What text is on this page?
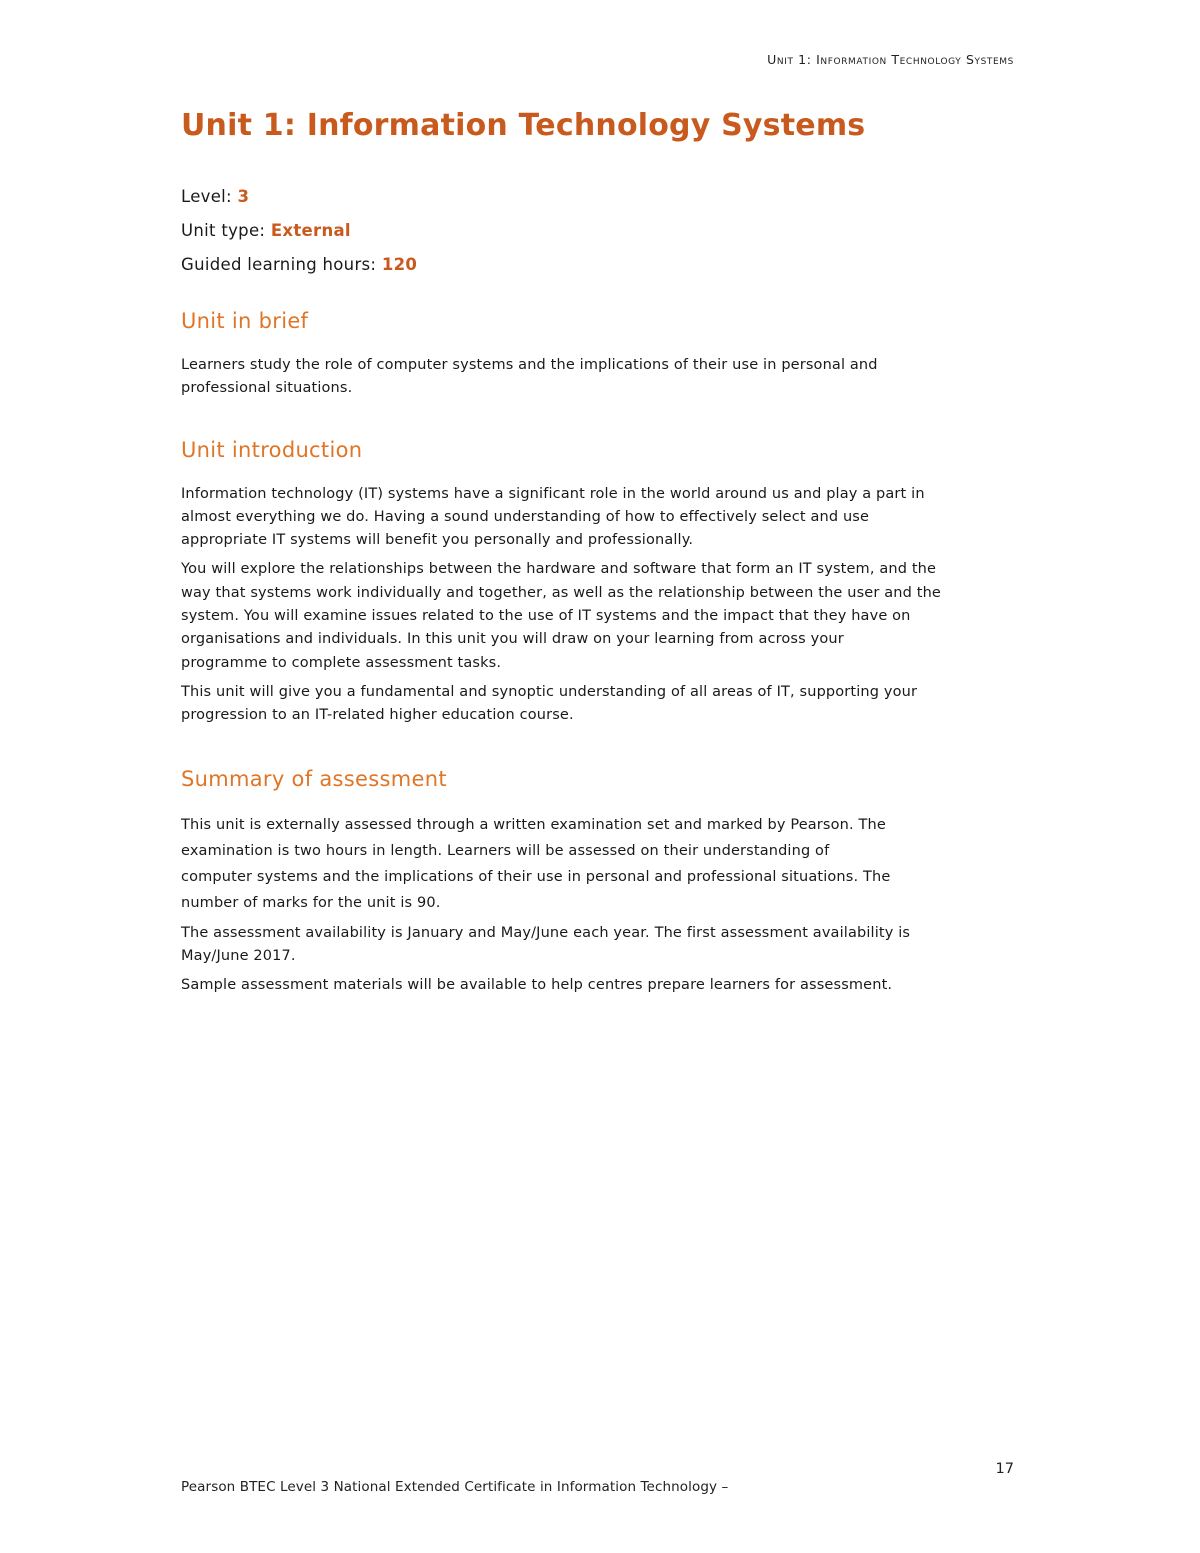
Unit 1: Information Technology Systems
Unit 1: Information Technology Systems
Level: 3
Unit type: External
Guided learning hours: 120
Unit in brief

Learners study the role of computer systems and the implications of their use in personal and
professional situations.

Unit introduction

Information technology (IT) systems have a significant role in the world around us and play a part in
almost everything we do. Having a sound understanding of how to effectively select and use
appropriate IT systems will benefit you personally and professionally.

You will explore the relationships between the hardware and software that form an IT system, and the
way that systems work individually and together, as well as the relationship between the user and the
system. You will examine issues related to the use of IT systems and the impact that they have on
organisations and individuals. In this unit you will draw on your learning from across your
programme to complete assessment tasks.

This unit will give you a fundamental and synoptic understanding of all areas of IT, supporting your
progression to an IT-related higher education course.

Summary of assessment

This unit is externally assessed through a written examination set and marked by Pearson. The
examination is two hours in length. Learners will be assessed on their understanding of
computer systems and the implications of their use in personal and professional situations. The
number of marks for the unit is 90.

The assessment availability is January and May/June each year. The first assessment availability is
May/June 2017.

Sample assessment materials will be available to help centres prepare learners for assessment.

17
Pearson BTEC Level 3 National Extended Certificate in Information Technology –
